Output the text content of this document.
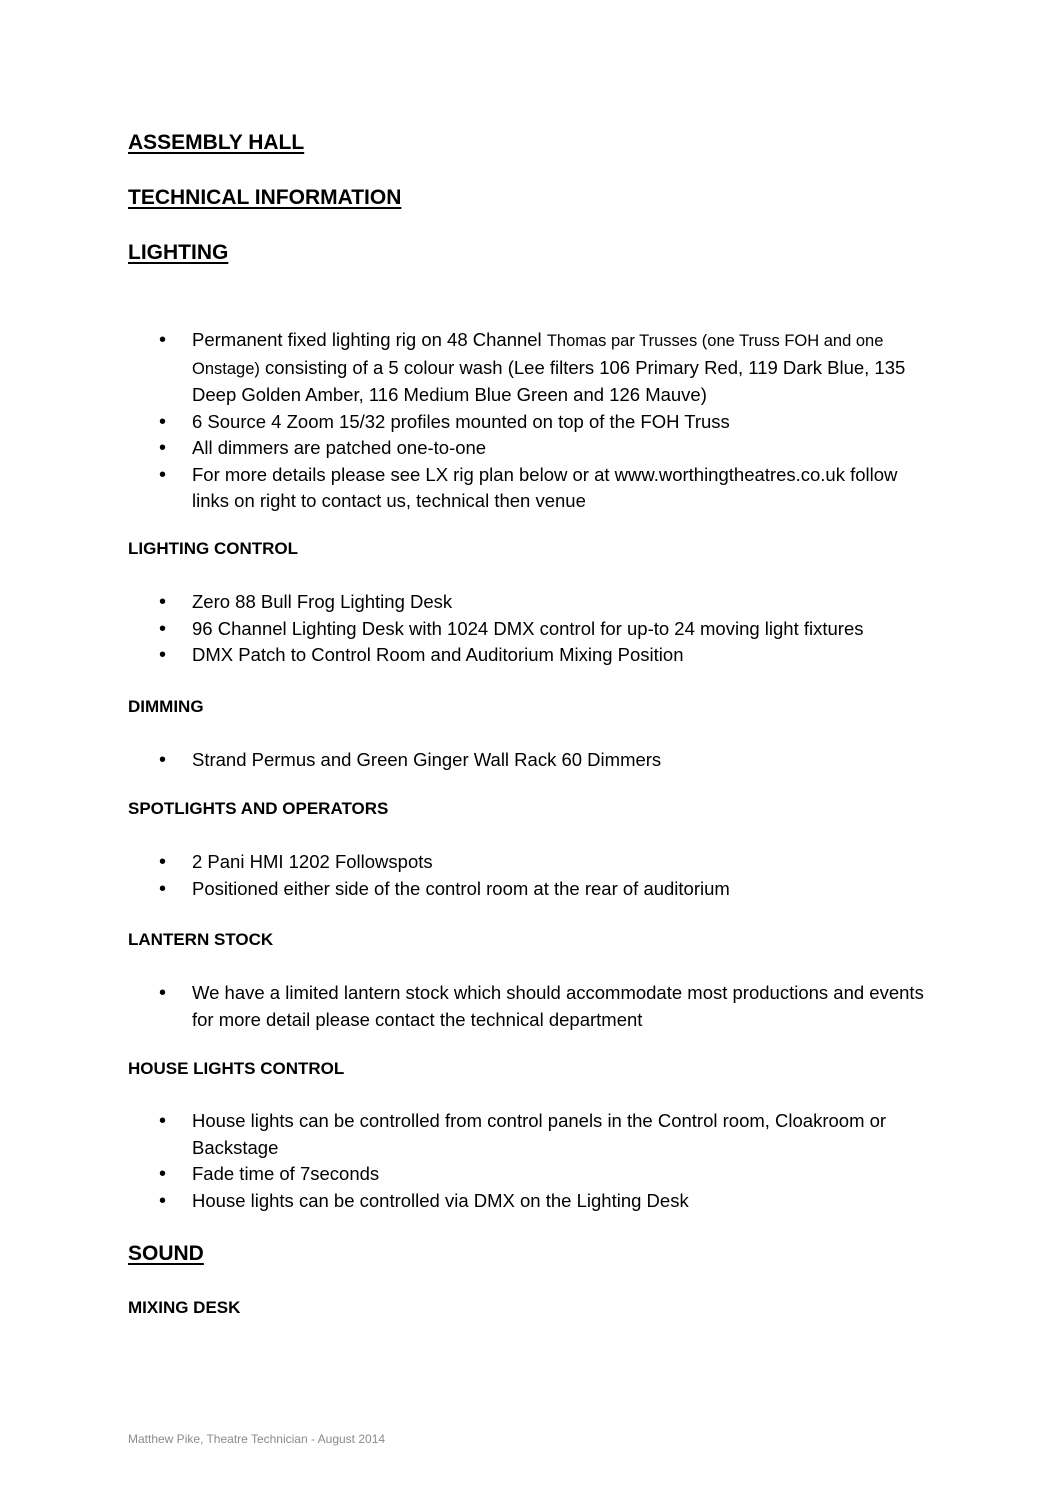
ASSEMBLY HALL
TECHNICAL INFORMATION
LIGHTING
• Permanent fixed lighting rig on 48 Channel Thomas par Trusses (one Truss FOH and one Onstage) consisting of a 5 colour wash (Lee filters 106 Primary Red, 119 Dark Blue, 135 Deep Golden Amber, 116 Medium Blue Green and 126 Mauve)
• 6 Source 4 Zoom 15/32 profiles mounted on top of the FOH Truss
• All dimmers are patched one-to-one
• For more details please see LX rig plan below or at www.worthingtheatres.co.uk follow links on right to contact us, technical then venue
LIGHTING CONTROL
• Zero 88 Bull Frog Lighting Desk
• 96 Channel Lighting Desk with 1024 DMX control for up-to 24 moving light fixtures
• DMX Patch to Control Room and Auditorium Mixing Position
DIMMING
• Strand Permus and Green Ginger Wall Rack 60 Dimmers
SPOTLIGHTS AND OPERATORS
• 2 Pani HMI 1202 Followspots
• Positioned either side of the control room at the rear of auditorium
LANTERN STOCK
• We have a limited lantern stock which should accommodate most productions and events for more detail please contact the technical department
HOUSE LIGHTS CONTROL
• House lights can be controlled from control panels in the Control room, Cloakroom or Backstage
• Fade time of 7seconds
• House lights can be controlled via DMX on the Lighting Desk
SOUND
MIXING DESK
Matthew Pike, Theatre Technician - August 2014
